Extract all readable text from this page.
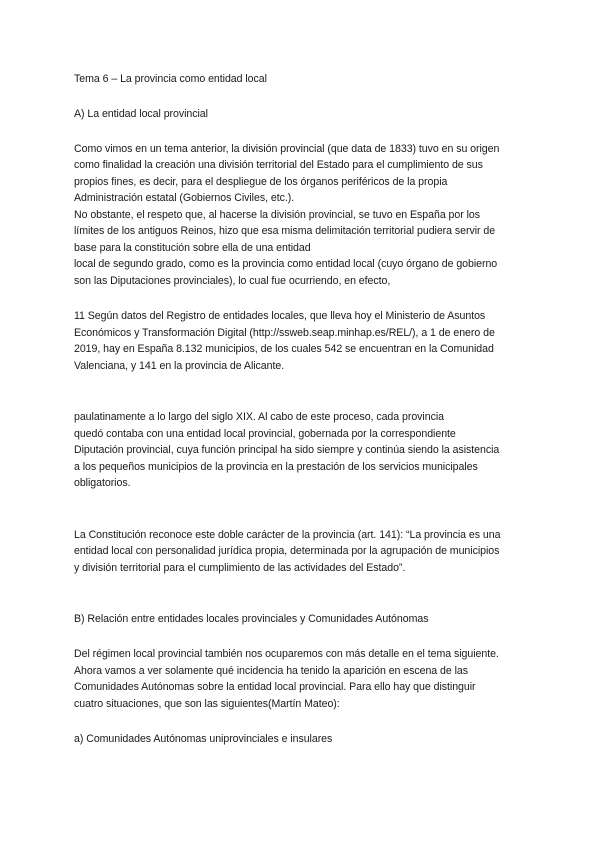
Tema 6 – La provincia como entidad local
A) La entidad local provincial
Como vimos en un tema anterior, la división provincial (que data de 1833) tuvo en su origen
como finalidad la creación una división territorial del Estado para el cumplimiento de sus
propios fines, es decir, para el despliegue de los órganos periféricos de la propia
Administración estatal (Gobiernos Civiles, etc.).
No obstante, el respeto que, al hacerse la división provincial, se tuvo en España por los
límites de los antiguos Reinos, hizo que esa misma delimitación territorial pudiera servir de
base para la constitución sobre ella de una entidad
local de segundo grado, como es la provincia como entidad local (cuyo órgano de gobierno
son las Diputaciones provinciales), lo cual fue ocurriendo, en efecto,
11 Según datos del Registro de entidades locales, que lleva hoy el Ministerio de Asuntos
Económicos y Transformación Digital (http://ssweb.seap.minhap.es/REL/), a 1 de enero de
2019, hay en España 8.132 municipios, de los cuales 542 se encuentran en la Comunidad
Valenciana, y 141 en la provincia de Alicante.
paulatinamente a lo largo del siglo XIX. Al cabo de este proceso, cada provincia
quedó contaba con una entidad local provincial, gobernada por la correspondiente
Diputación provincial, cuya función principal ha sido siempre y continúa siendo la asistencia
a los pequeños municipios de la provincia en la prestación de los servicios municipales
obligatorios.
La Constitución reconoce este doble carácter de la provincia (art. 141): “La provincia es una
entidad local con personalidad jurídica propia, determinada por la agrupación de municipios
y división territorial para el cumplimiento de las actividades del Estado”.
B) Relación entre entidades locales provinciales y Comunidades Autónomas
Del régimen local provincial también nos ocuparemos con más detalle en el tema siguiente.
Ahora vamos a ver solamente qué incidencia ha tenido la aparición en escena de las
Comunidades Autónomas sobre la entidad local provincial. Para ello hay que distinguir
cuatro situaciones, que son las siguientes(Martín Mateo):
a) Comunidades Autónomas uniprovinciales e insulares
